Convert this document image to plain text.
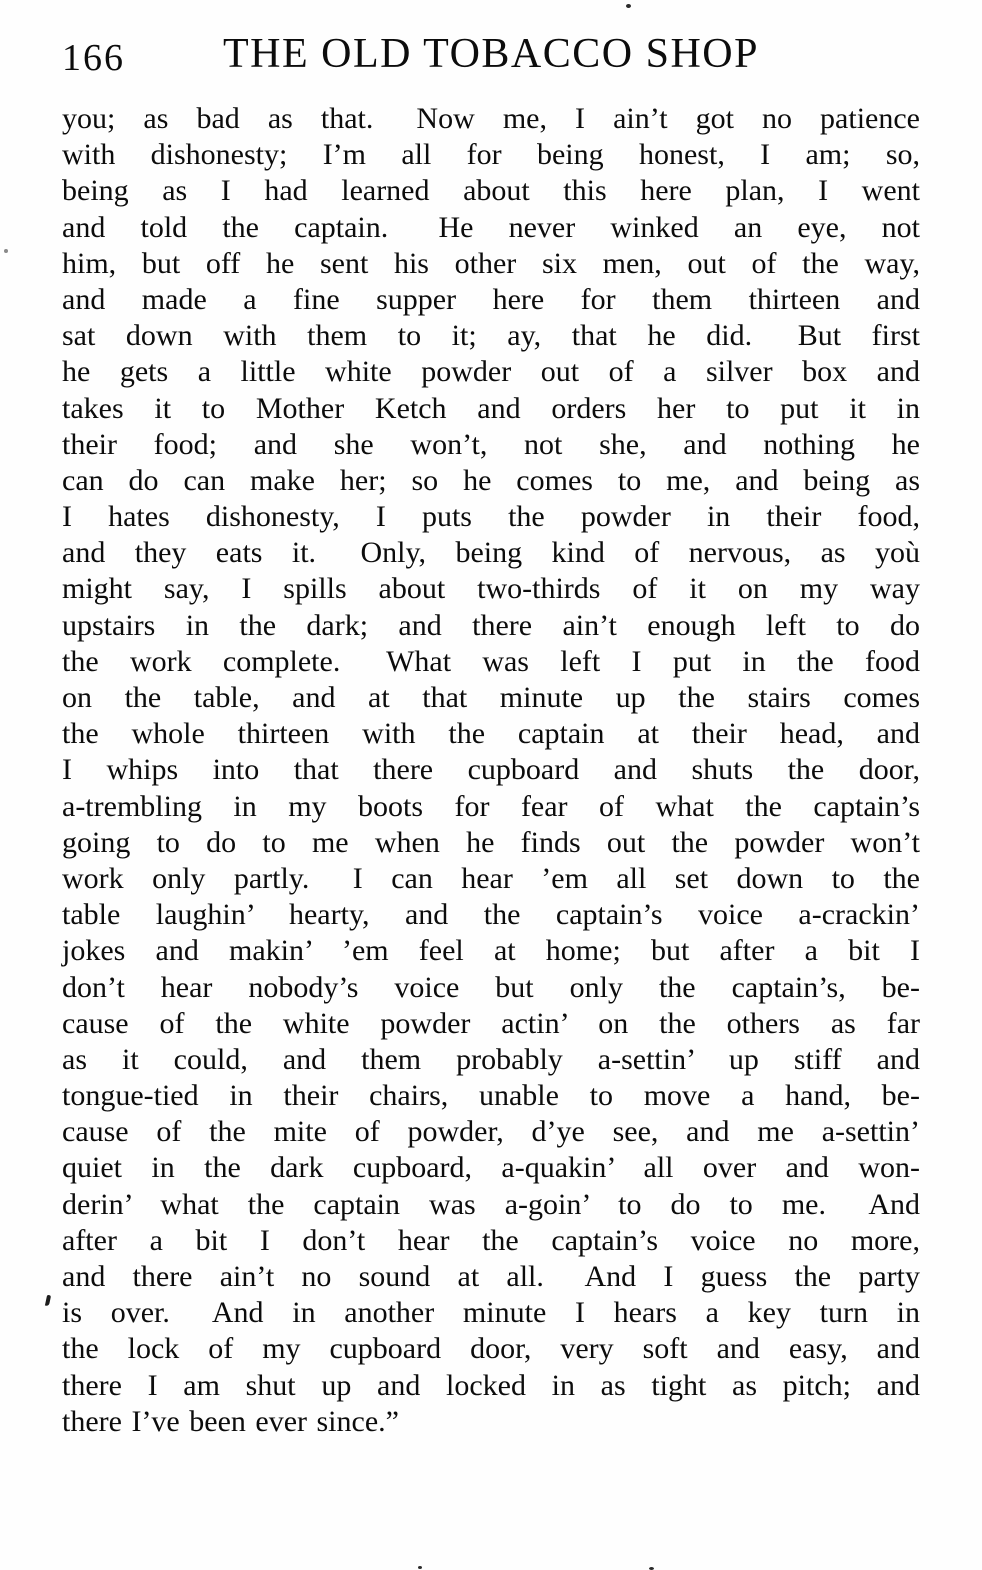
166	THE OLD TOBACCO SHOP
you; as bad as that.  Now me, I ain’t got no patience
with dishonesty; I’m all for being honest, I am; so,
being as I had learned about this here plan, I went
and told the captain.  He never winked an eye, not
him, but off he sent his other six men, out of the way,
and made a fine supper here for them thirteen and
sat down with them to it; ay, that he did.  But first
he gets a little white powder out of a silver box and
takes it to Mother Ketch and orders her to put it in
their food; and she won’t, not she, and nothing he
can do can make her; so he comes to me, and being as
I hates dishonesty, I puts the powder in their food,
and they eats it.  Only, being kind of nervous, as yoù
might say, I spills about two-thirds of it on my way
upstairs in the dark; and there ain’t enough left to do
the work complete.  What was left I put in the food
on the table, and at that minute up the stairs comes
the whole thirteen with the captain at their head, and
I whips into that there cupboard and shuts the door,
a-trembling in my boots for fear of what the captain’s
going to do to me when he finds out the powder won’t
work only partly.  I can hear ’em all set down to the
table laughin’ hearty, and the captain’s voice a-crackin’
jokes and makin’ ’em feel at home; but after a bit I
don’t hear nobody’s voice but only the captain’s, be-
cause of the white powder actin’ on the others as far
as it could, and them probably a-settin’ up stiff and
tongue-tied in their chairs, unable to move a hand, be-
cause of the mite of powder, d’ye see, and me a-settin’
quiet in the dark cupboard, a-quakin’ all over and won-
derin’ what the captain was a-goin’ to do to me.  And
after a bit I don’t hear the captain’s voice no more,
and there ain’t no sound at all.  And I guess the party
is over.  And in another minute I hears a key turn in
the lock of my cupboard door, very soft and easy, and
there I am shut up and locked in as tight as pitch; and
there I’ve been ever since.”
